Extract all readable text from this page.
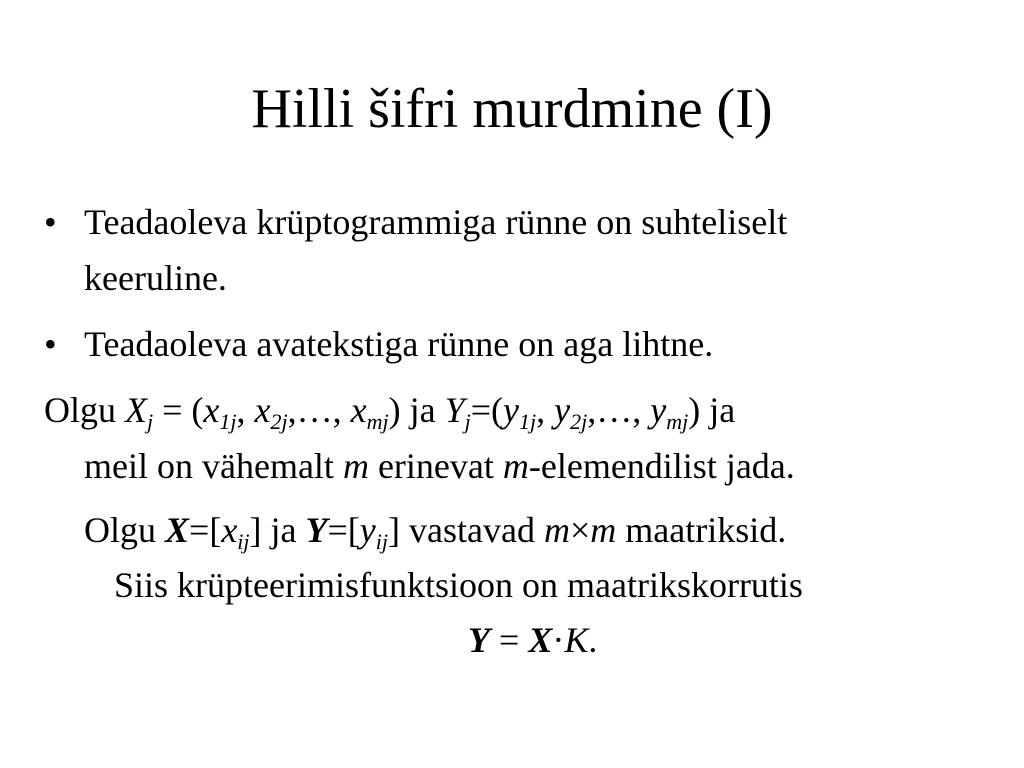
Hilli šifri murdmine (I)
• Teadaoleva krüptogrammiga rünne on suhteliselt

keeruline.

• Teadaoleva avatekstiga rünne on aga lihtne.

Olgu $X_j = (x_{1j}$, $x_{2j},\dots$, $x_{mj}$) ja $Y_j=(y_{1j}$, $y_{2j},\dots$, $y_{mj}$) ja

meil on vähemalt m erinevat m-elemendilist jada.

Olgu $X=[x_{ij}]$ ja $Y=[y_{ij}]$ vastavad m×m maatriksid.

Siis krüpteerimisfunktsioon on maatrikskorrutis

Y = X·K.
